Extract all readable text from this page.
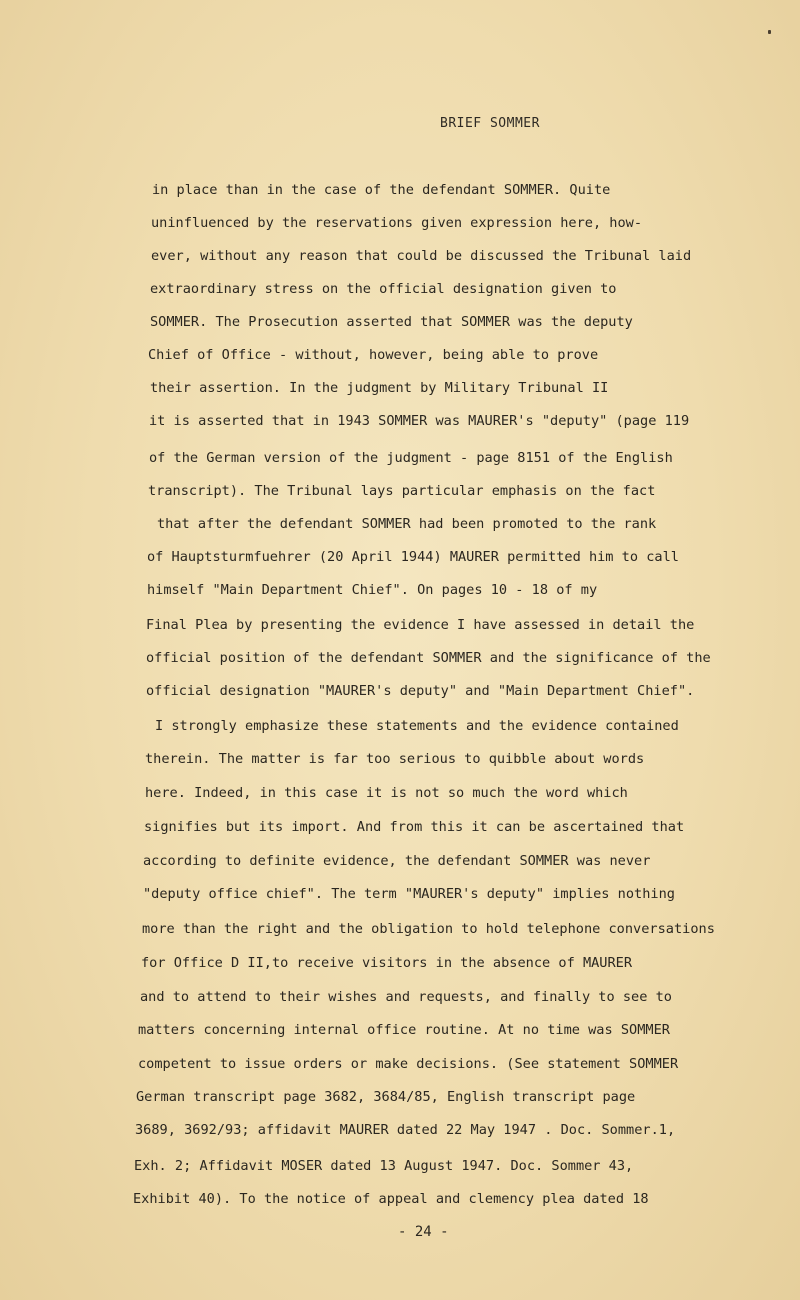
BRIEF SOMMER
in place than in the case of the defendant SOMMER. Quite
uninfluenced by the reservations given expression here, how-
ever, without any reason that could be discussed the Tribunal laid
extraordinary stress on the official designation given to
SOMMER. The Prosecution asserted that SOMMER was the deputy
Chief of Office - without, however, being able to prove
their assertion. In the judgment by Military Tribunal II
it is asserted that in 1943 SOMMER was MAURER's "deputy" (page 119
of the German version of the judgment - page 8151 of the English
transcript). The Tribunal lays particular emphasis on the fact
that after the defendant SOMMER had been promoted to the rank
of Hauptsturmfuehrer (20 April 1944) MAURER permitted him to call
himself "Main Department Chief". On pages 10 - 18 of my
Final Plea by presenting the evidence I have assessed in detail the
official position of the defendant SOMMER and the significance of the
official designation "MAURER's deputy" and "Main Department Chief".
I strongly emphasize these statements and the evidence contained
therein. The matter is far too serious to quibble about words
here. Indeed, in this case it is not so much the word which
signifies but its import. And from this it can be ascertained that
according to definite evidence, the defendant SOMMER was never
"deputy office chief". The term "MAURER's deputy" implies nothing
more than the right and the obligation to hold telephone conversations
for Office D II,to receive visitors in the absence of MAURER
and to attend to their wishes and requests, and finally to see to
matters concerning internal office routine. At no time was SOMMER
competent to issue orders or make decisions. (See statement SOMMER
German transcript page 3682, 3684/85, English transcript page
3689, 3692/93; affidavit MAURER dated 22 May 1947 . Doc. Sommer.1,
Exh. 2; Affidavit MOSER dated 13 August 1947. Doc. Sommer 43,
Exhibit 40). To the notice of appeal and clemency plea dated 18
- 24 -
